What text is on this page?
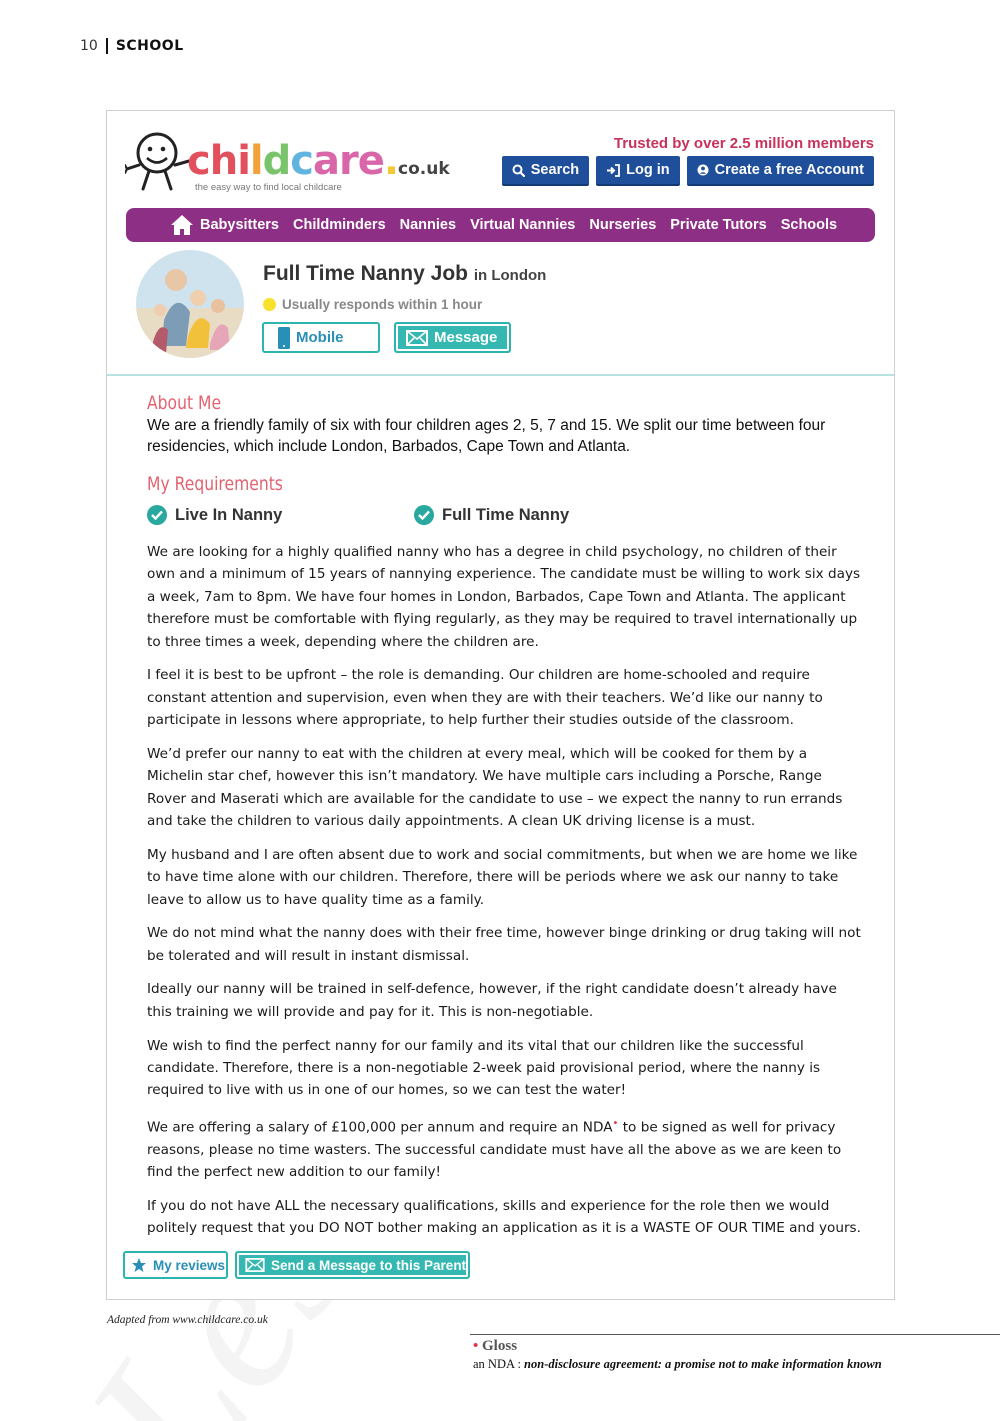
10 SCHOOL
childcare.co.uk
the easy way to find local childcare
Trusted by over 2.5 million members
Search	Log in	Create a free Account
Babysitters Childminders Nannies Virtual Nannies Nurseries Private Tutors Schools
Full Time Nanny Job in London
Usually responds within 1 hour
Mobile	Message
About Me
We are a friendly family of six with four children ages 2, 5, 7 and 15. We split our time between four residencies, which include London, Barbados, Cape Town and Atlanta.
My Requirements
Live In Nanny	Full Time Nanny

We are looking for a highly qualified nanny who has a degree in child psychology, no children of their own and a minimum of 15 years of nannying experience. The candidate must be willing to work six days a week, 7am to 8pm. We have four homes in London, Barbados, Cape Town and Atlanta. The applicant therefore must be comfortable with flying regularly, as they may be required to travel internationally up to three times a week, depending where the children are.

I feel it is best to be upfront – the role is demanding. Our children are home-schooled and require constant attention and supervision, even when they are with their teachers. We’d like our nanny to participate in lessons where appropriate, to help further their studies outside of the classroom.

We’d prefer our nanny to eat with the children at every meal, which will be cooked for them by a Michelin star chef, however this isn’t mandatory. We have multiple cars including a Porsche, Range Rover and Maserati which are available for the candidate to use – we expect the nanny to run errands and take the children to various daily appointments. A clean UK driving license is a must.

My husband and I are often absent due to work and social commitments, but when we are home we like to have time alone with our children. Therefore, there will be periods where we ask our nanny to take leave to allow us to have quality time as a family.

We do not mind what the nanny does with their free time, however binge drinking or drug taking will not be tolerated and will result in instant dismissal.

Ideally our nanny will be trained in self-defence, however, if the right candidate doesn’t already have this training we will provide and pay for it. This is non-negotiable.

We wish to find the perfect nanny for our family and its vital that our children like the successful candidate. Therefore, there is a non-negotiable 2-week paid provisional period, where the nanny is required to live with us in one of our homes, so we can test the water!

We are offering a salary of £100,000 per annum and require an NDA• to be signed as well for privacy reasons, please no time wasters. The successful candidate must have all the above as we are keen to find the perfect new addition to our family!

If you do not have ALL the necessary qualifications, skills and experience for the role then we would politely request that you DO NOT bother making an application as it is a WASTE OF OUR TIME and yours.

My reviews	Send a Message to this Parent
Adapted from www.childcare.co.uk
• Gloss
an NDA : non-disclosure agreement: a promise not to make information known
